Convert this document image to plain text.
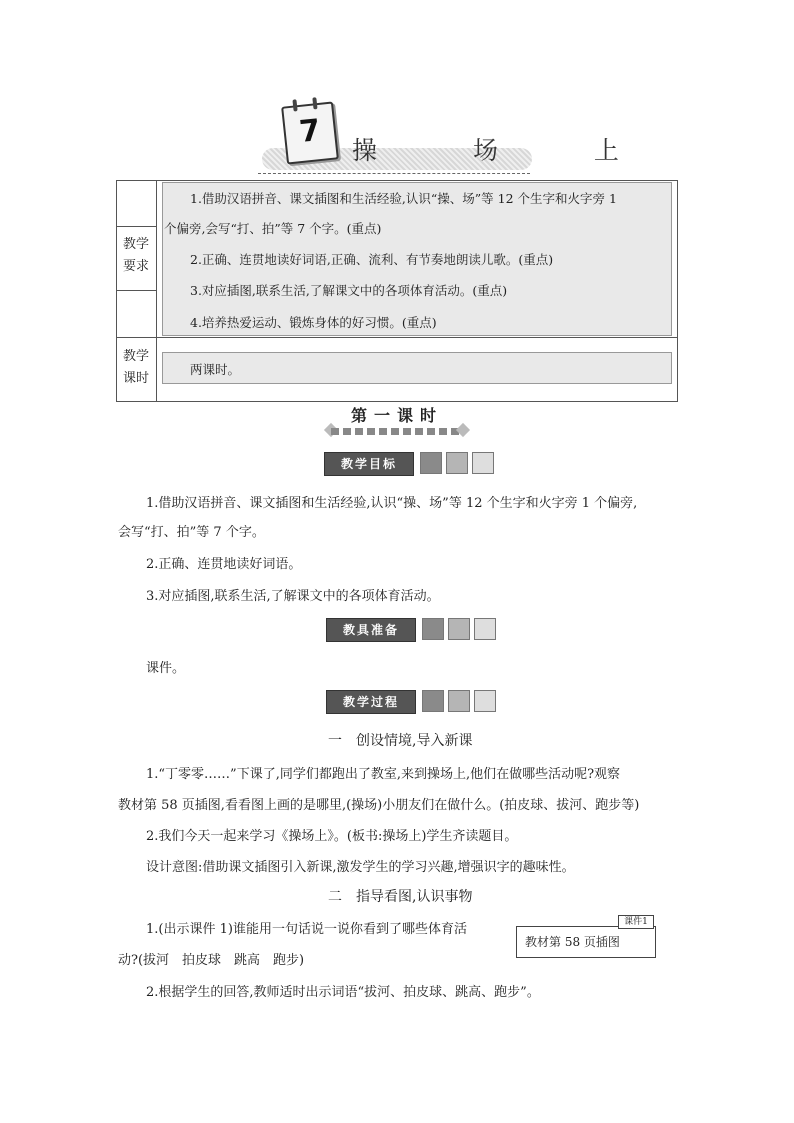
7
操 场 上
教学
要求
1.借助汉语拼音、课文插图和生活经验,认识“操、场”等 12 个生字和火字旁 1
个偏旁,会写“打、拍”等 7 个字。(重点)
2.正确、连贯地读好词语,正确、流利、有节奏地朗读儿歌。(重点)
3.对应插图,联系生活,了解课文中的各项体育活动。(重点)
4.培养热爱运动、锻炼身体的好习惯。(重点)
教学
课时
两课时。
第一课时
教学目标
1.借助汉语拼音、课文插图和生活经验,认识“操、场”等 12 个生字和火字旁 1 个偏旁,
会写“打、拍”等 7 个字。
2.正确、连贯地读好词语。
3.对应插图,联系生活,了解课文中的各项体育活动。
教具准备
课件。
教学过程
一　创设情境,导入新课
1.“丁零零……”下课了,同学们都跑出了教室,来到操场上,他们在做哪些活动呢?观察
教材第 58 页插图,看看图上画的是哪里,(操场)小朋友们在做什么。(拍皮球、拔河、跑步等)
2.我们今天一起来学习《操场上》。(板书:操场上)学生齐读题目。
设计意图:借助课文插图引入新课,激发学生的学习兴趣,增强识字的趣味性。
二　指导看图,认识事物
1.(出示课件 1)谁能用一句话说一说你看到了哪些体育活
动?(拔河　拍皮球　跳高　跑步)
2.根据学生的回答,教师适时出示词语“拔河、拍皮球、跳高、跑步”。
教材第 58 页插图
课件1
